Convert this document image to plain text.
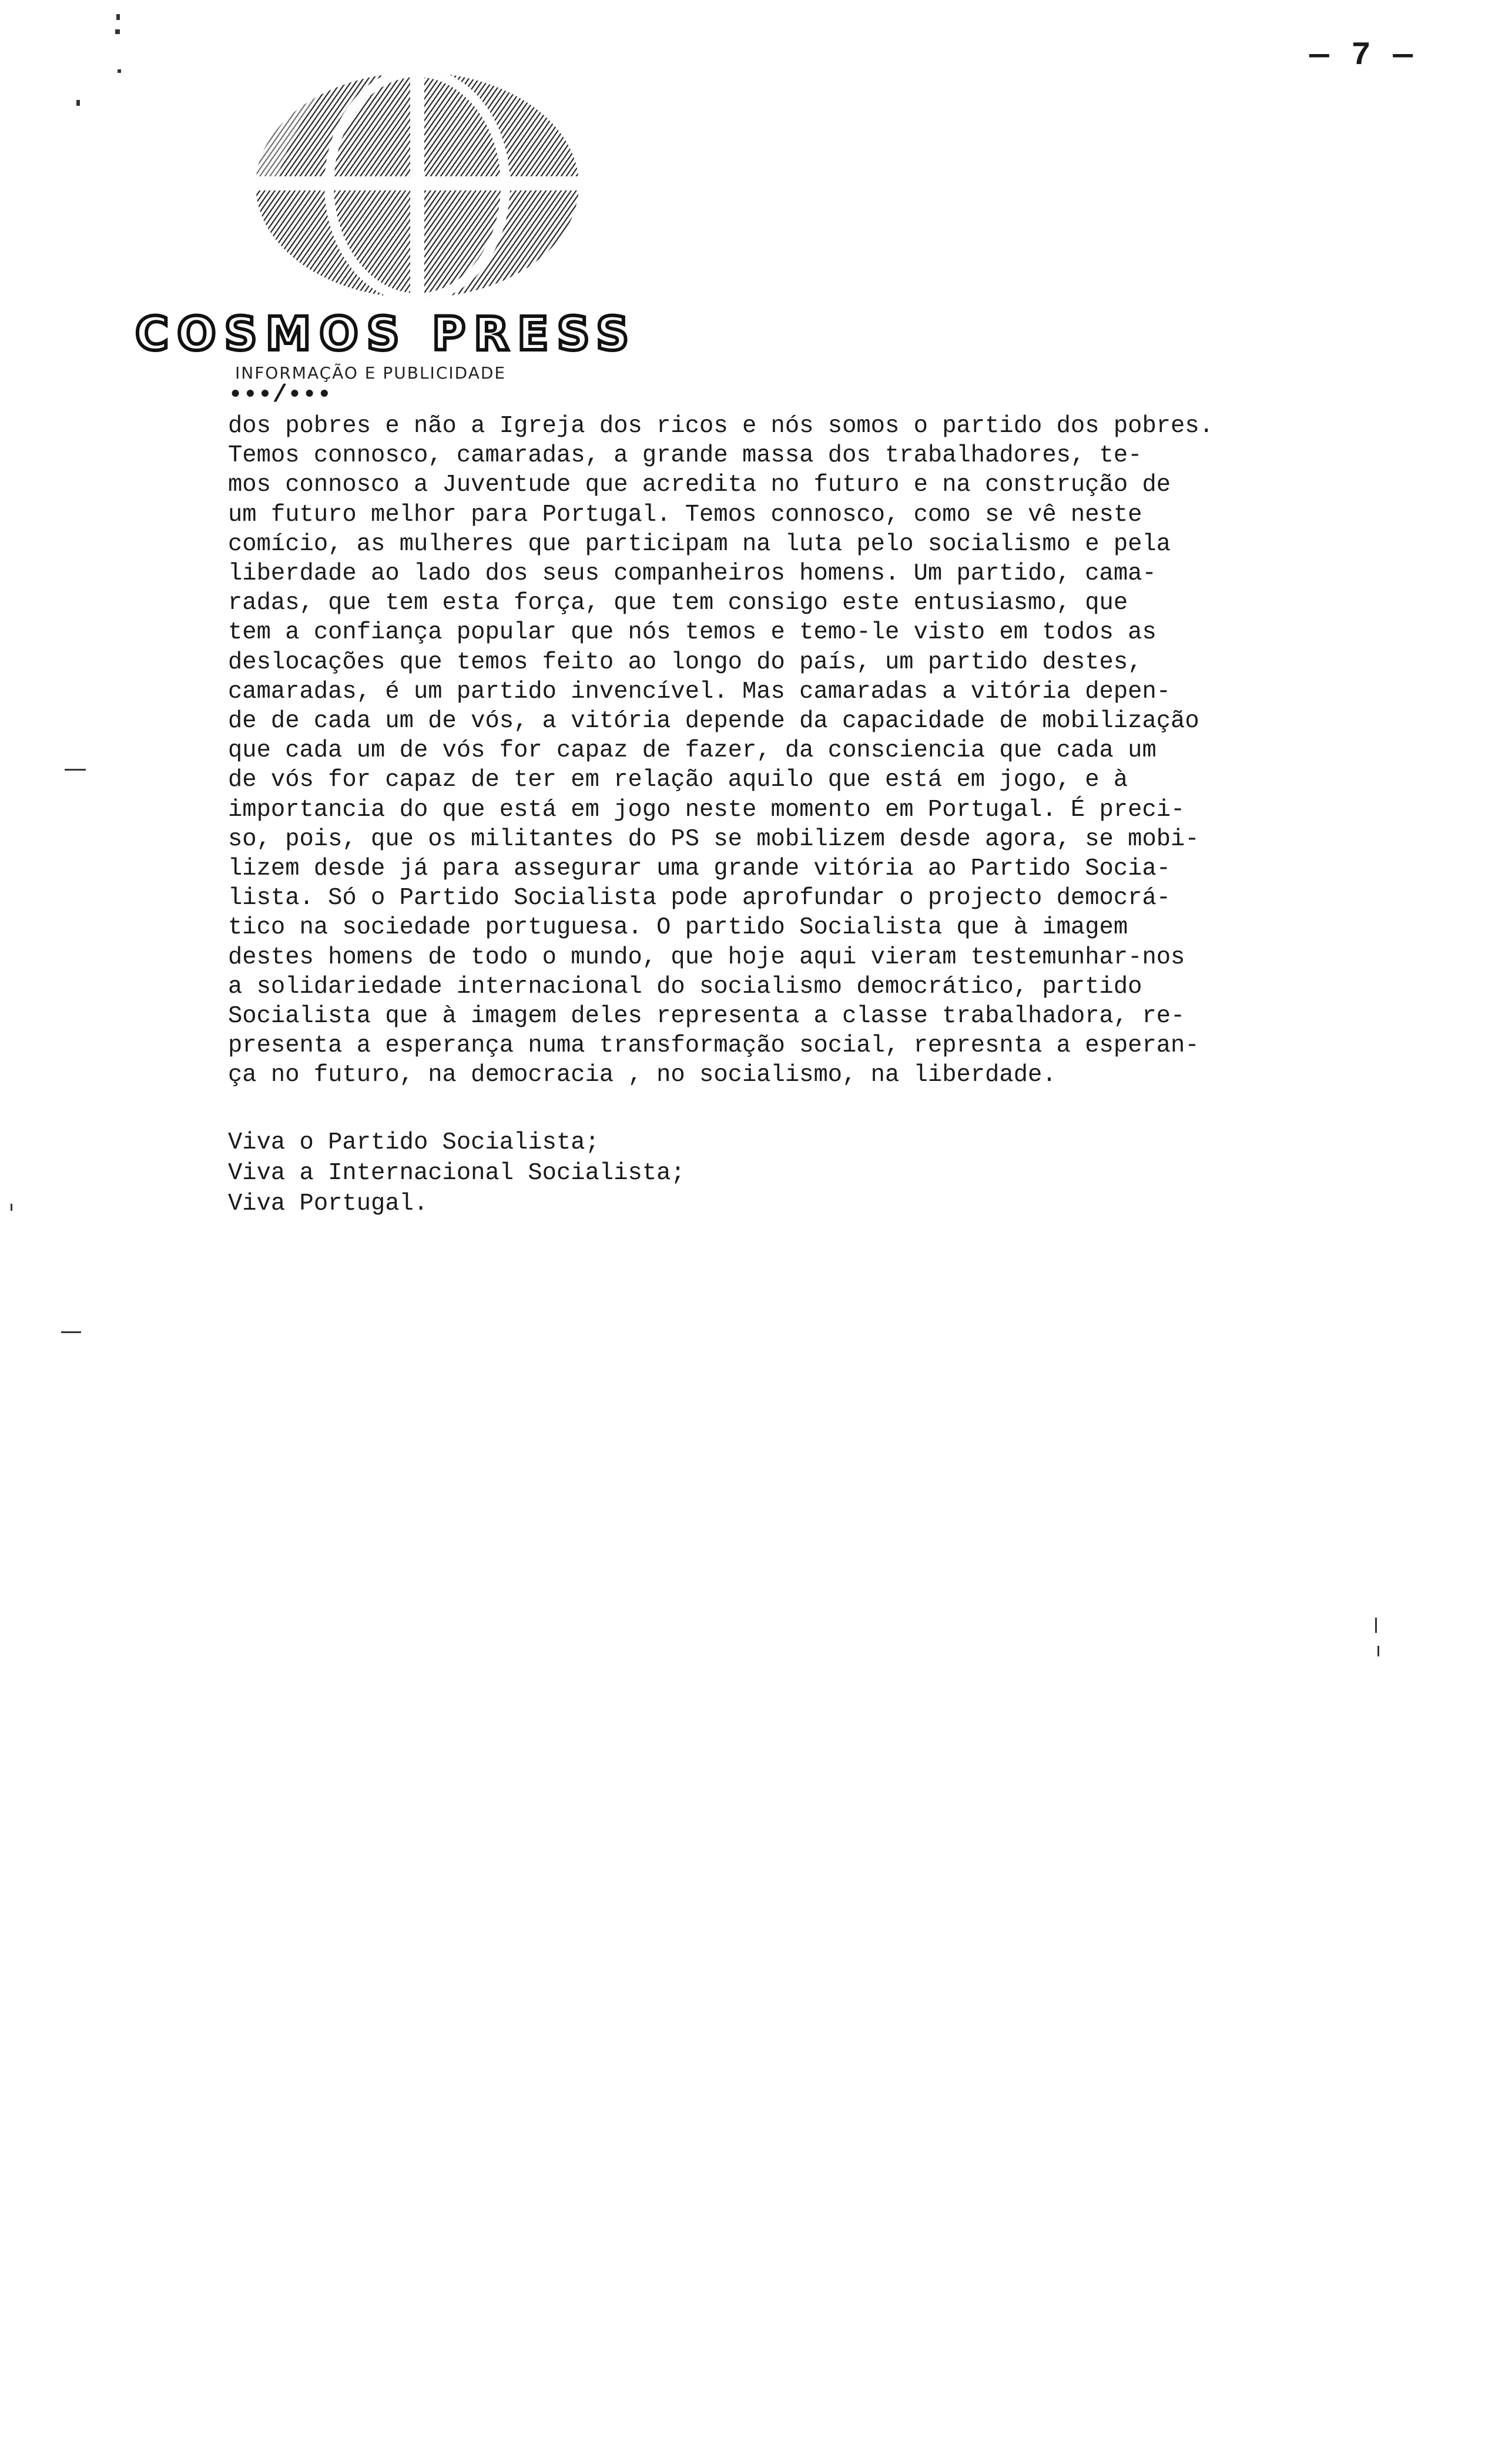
— 7 —
COSMOS PRESS
INFORMAÇÃO E PUBLICIDADE
•••/•••
dos pobres e não a Igreja dos ricos e nós somos o partido dos pobres.
Temos connosco, camaradas, a grande massa dos trabalhadores, te-
mos connosco a Juventude que acredita no futuro e na construção de
um futuro melhor para Portugal. Temos connosco, como se vê neste
comício, as mulheres que participam na luta pelo socialismo e pela
liberdade ao lado dos seus companheiros homens. Um partido, cama-
radas, que tem esta força, que tem consigo este entusiasmo, que
tem a confiança popular que nós temos e temo-le visto em todos as
deslocações que temos feito ao longo do país, um partido destes,
camaradas, é um partido invencível. Mas camaradas a vitória depen-
de de cada um de vós, a vitória depende da capacidade de mobilização
que cada um de vós for capaz de fazer, da consciencia que cada um
de vós for capaz de ter em relação aquilo que está em jogo, e à
importancia do que está em jogo neste momento em Portugal. É preci-
so, pois, que os militantes do PS se mobilizem desde agora, se mobi-
lizem desde já para assegurar uma grande vitória ao Partido Socia-
lista. Só o Partido Socialista pode aprofundar o projecto democrá-
tico na sociedade portuguesa. O partido Socialista que à imagem
destes homens de todo o mundo, que hoje aqui vieram testemunhar-nos
a solidariedade internacional do socialismo democrático, partido
Socialista que à imagem deles representa a classe trabalhadora, re-
presenta a esperança numa transformação social, represnta a esperan-
ça no futuro, na democracia , no socialismo, na liberdade.
Viva o Partido Socialista;
Viva a Internacional Socialista;
Viva Portugal.
